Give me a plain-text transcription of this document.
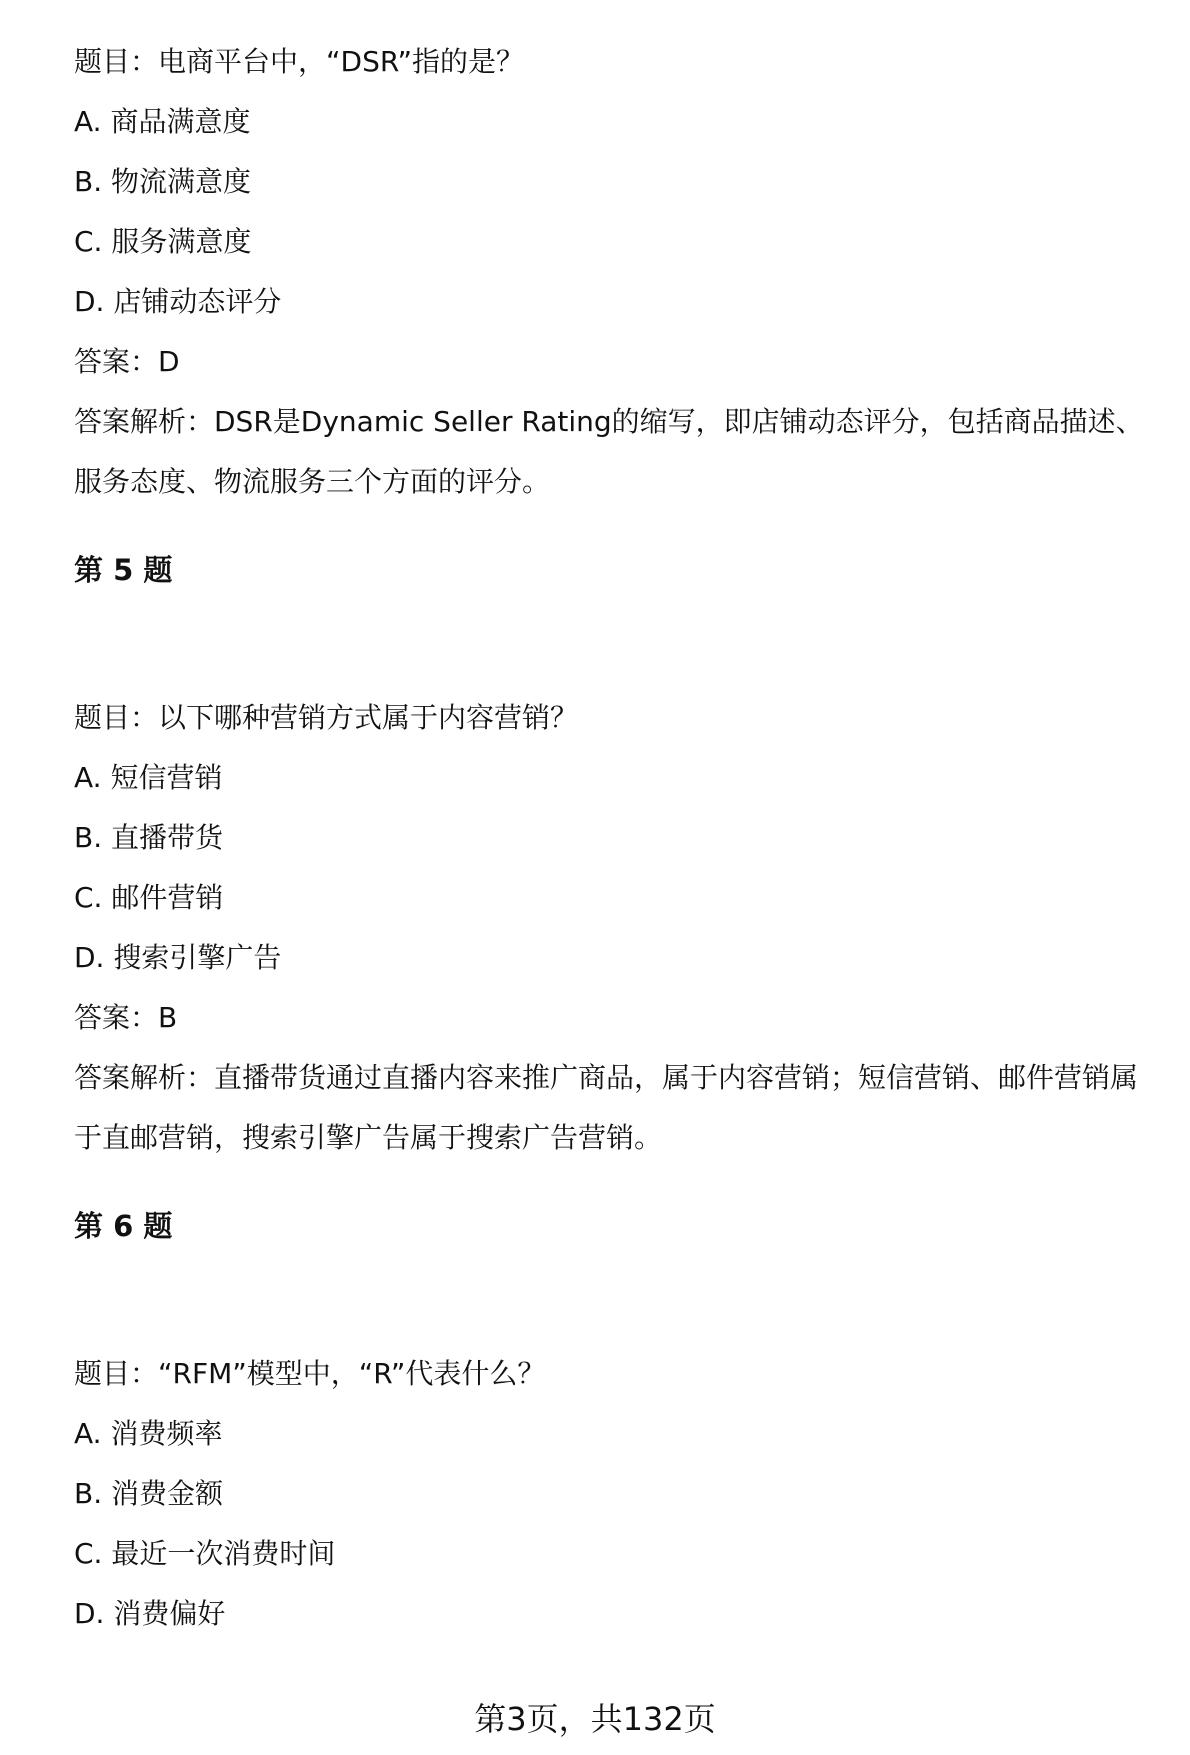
题目：电商平台中，“DSR”指的是？
A. 商品满意度
B. 物流满意度
C. 服务满意度
D. 店铺动态评分
答案：D
答案解析：DSR是Dynamic Seller Rating的缩写，即店铺动态评分，包括商品描述、服务态度、物流服务三个方面的评分。
第 5 题
题目：以下哪种营销方式属于内容营销？
A. 短信营销
B. 直播带货
C. 邮件营销
D. 搜索引擎广告
答案：B
答案解析：直播带货通过直播内容来推广商品，属于内容营销；短信营销、邮件营销属于直邮营销，搜索引擎广告属于搜索广告营销。
第 6 题
题目：“RFM”模型中，“R”代表什么？
A. 消费频率
B. 消费金额
C. 最近一次消费时间
D. 消费偏好
第3页，共132页
